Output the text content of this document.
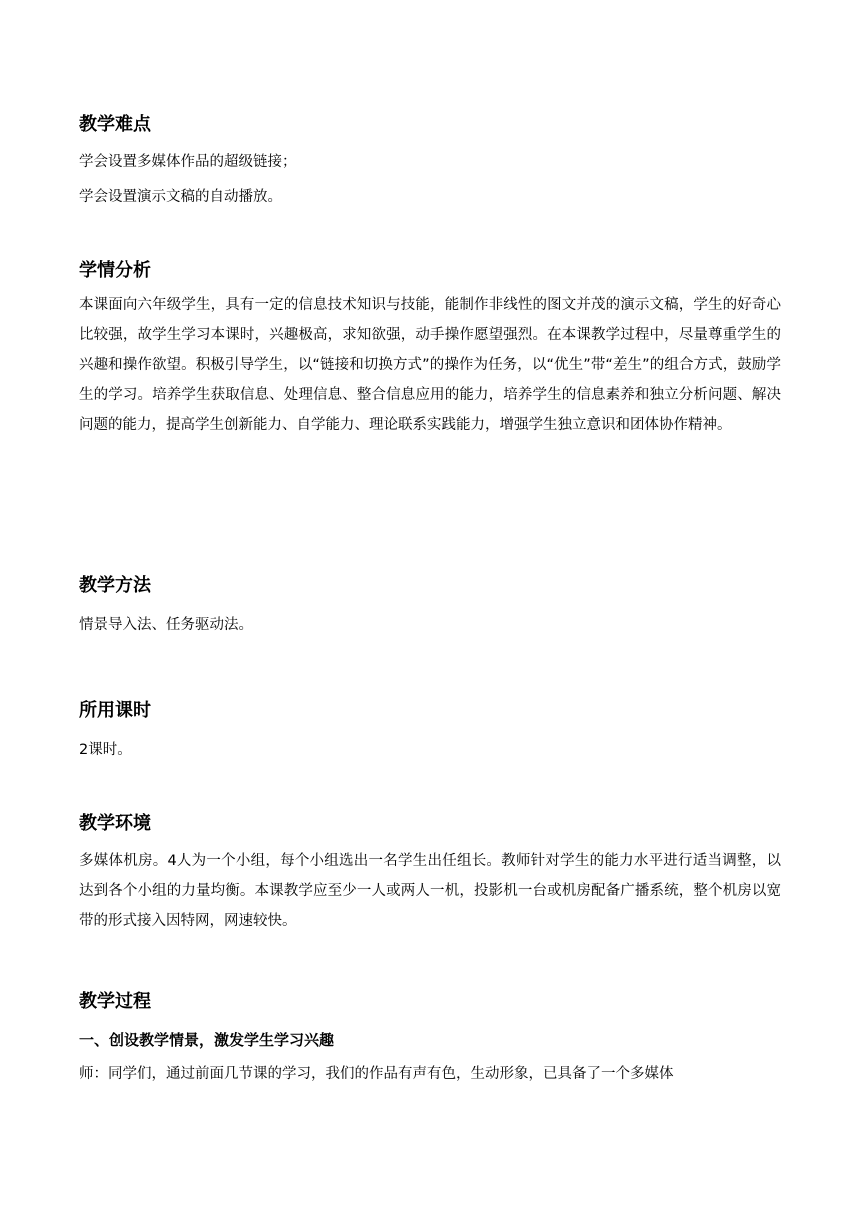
教学难点
学会设置多媒体作品的超级链接；
学会设置演示文稿的自动播放。
学情分析
本课面向六年级学生，具有一定的信息技术知识与技能，能制作非线性的图文并茂的演示文稿，学生的好奇心比较强，故学生学习本课时，兴趣极高，求知欲强，动手操作愿望强烈。在本课教学过程中，尽量尊重学生的兴趣和操作欲望。积极引导学生，以“链接和切换方式”的操作为任务，以“优生”带“差生”的组合方式，鼓励学生的学习。培养学生获取信息、处理信息、整合信息应用的能力，培养学生的信息素养和独立分析问题、解决问题的能力，提高学生创新能力、自学能力、理论联系实践能力，增强学生独立意识和团体协作精神。
教学方法
情景导入法、任务驱动法。
所用课时
2课时。
教学环境
多媒体机房。4人为一个小组，每个小组选出一名学生出任组长。教师针对学生的能力水平进行适当调整，以达到各个小组的力量均衡。本课教学应至少一人或两人一机，投影机一台或机房配备广播系统，整个机房以宽带的形式接入因特网，网速较快。
教学过程
一、创设教学情景，激发学生学习兴趣
师：同学们，通过前面几节课的学习，我们的作品有声有色，生动形象，已具备了一个多媒体
